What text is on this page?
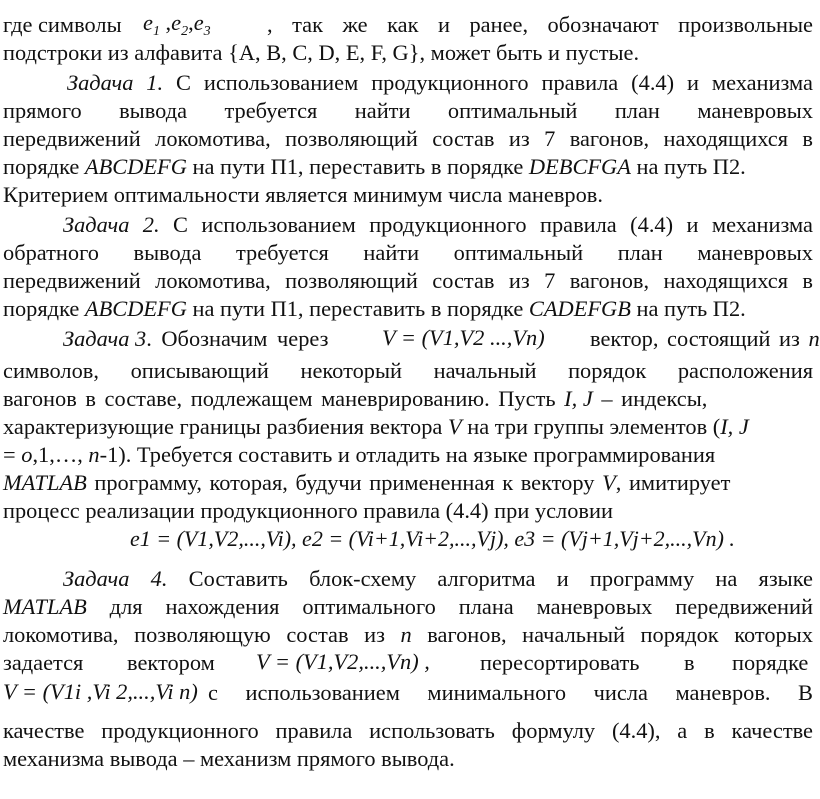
где символы $e_1$ $,e_2,e_3$	, так же как и ранее, обозначают произвольные
подстроки из алфавита {A, B, C, D, E, F, G}, может быть и пустые.
Задача 1. С использованием продукционного правила (4.4) и механизма
прямого вывода требуется найти оптимальный план маневровых
передвижений локомотива, позволяющий состав из 7 вагонов, находящихся в
порядке ABCDEFG на пути П1, переставить в порядке DEBCFGA на путь П2.
Критерием оптимальности является минимум числа маневров.
Задача 2. С использованием продукционного правила (4.4) и механизма
обратного вывода требуется найти оптимальный план маневровых
передвижений локомотива, позволяющий состав из 7 вагонов, находящихся в
порядке ABCDEFG на пути П1, переставить в порядке CADEFGB на путь П2.
Задача 3. Обозначим через	V = (V1,V2 ...,Vn) вектор, состоящий из n
символов, описывающий некоторый начальный порядок расположения
вагонов в составе, подлежащем маневрированию. Пусть I, J – индексы,
характеризующие границы разбиения вектора V на три группы элементов (I, J
= o,1,…, n-1). Требуется составить и отладить на языке программирования
MATLAB программу, которая, будучи примененная к вектору V, имитирует
процесс реализации продукционного правила (4.4) при условии
e1 = (V1,V2,...,Vi), e2 = (Vi+1,Vi+2,...,Vj), e3 = (Vj+1,Vj+2,...,Vn) .
Задача 4. Составить блок-схему алгоритма и программу на языке
MATLAB для нахождения оптимального плана маневровых передвижений
локомотива, позволяющую состав из n вагонов, начальный порядок которых
задается	вектором	V = (V1,V2,...,Vn) , пересортировать	в	порядке
V = (V1i ,Vi 2,...,Vi n) с использованием минимального числа маневров. В
качестве продукционного правила использовать формулу (4.4), а в качестве
механизма вывода – механизм прямого вывода.
